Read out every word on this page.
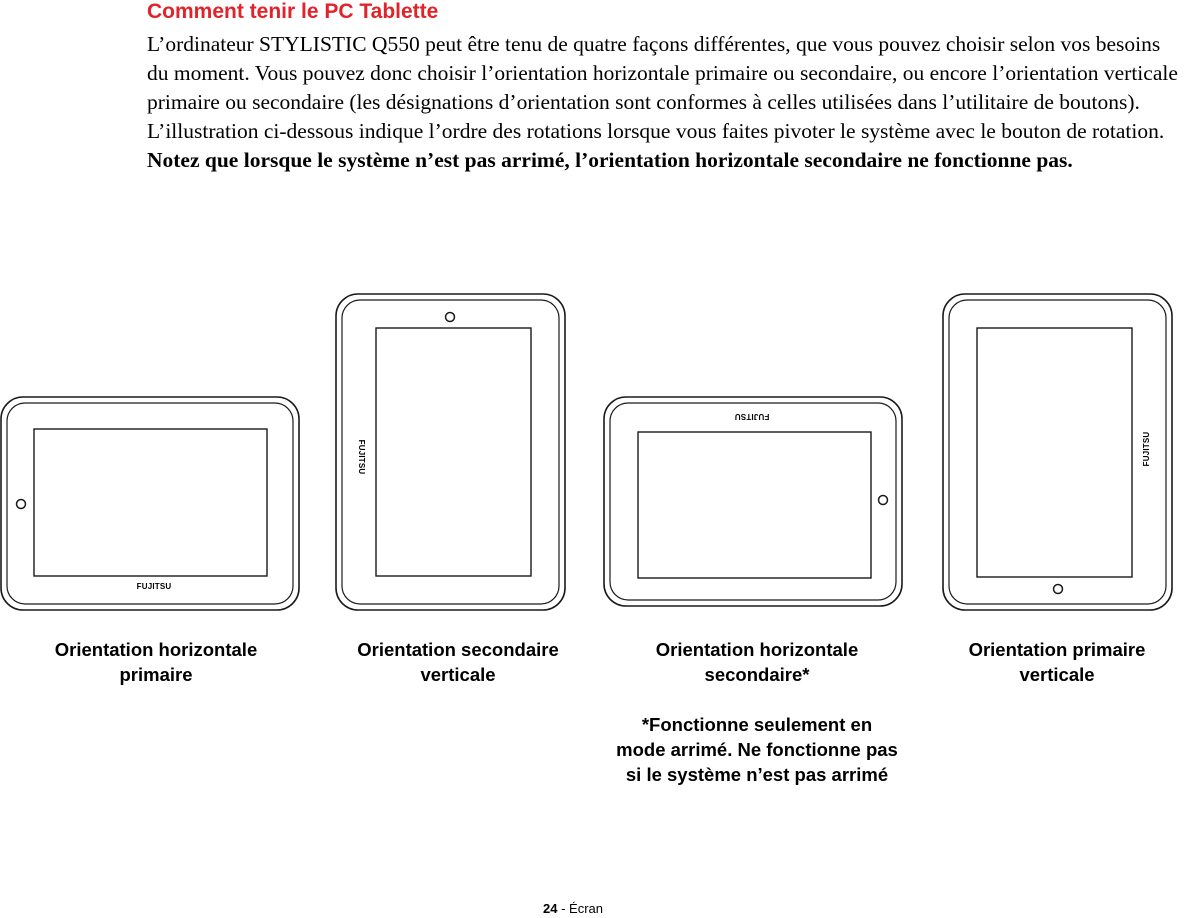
Comment tenir le PC Tablette

L’ordinateur STYLISTIC Q550 peut être tenu de quatre façons différentes, que vous pouvez choisir selon vos besoins du moment. Vous pouvez donc choisir l’orientation horizontale primaire ou secondaire, ou encore l’orientation verticale primaire ou secondaire (les désignations d’orientation sont conformes à celles utilisées dans l’utilitaire de boutons). L’illustration ci-dessous indique l’ordre des rotations lorsque vous faites pivoter le système avec le bouton de rotation. Notez que lorsque le système n’est pas arrimé, l’orientation horizontale secondaire ne fonctionne pas.

FUJITSU
FUJITSU
FUJITSU
FUJITSU
Orientation horizontale
primaire
Orientation secondaire
verticale
Orientation horizontale
secondaire*
Orientation primaire
verticale
*Fonctionne seulement en
mode arrimé. Ne fonctionne pas
si le système n’est pas arrimé
24 - Écran
